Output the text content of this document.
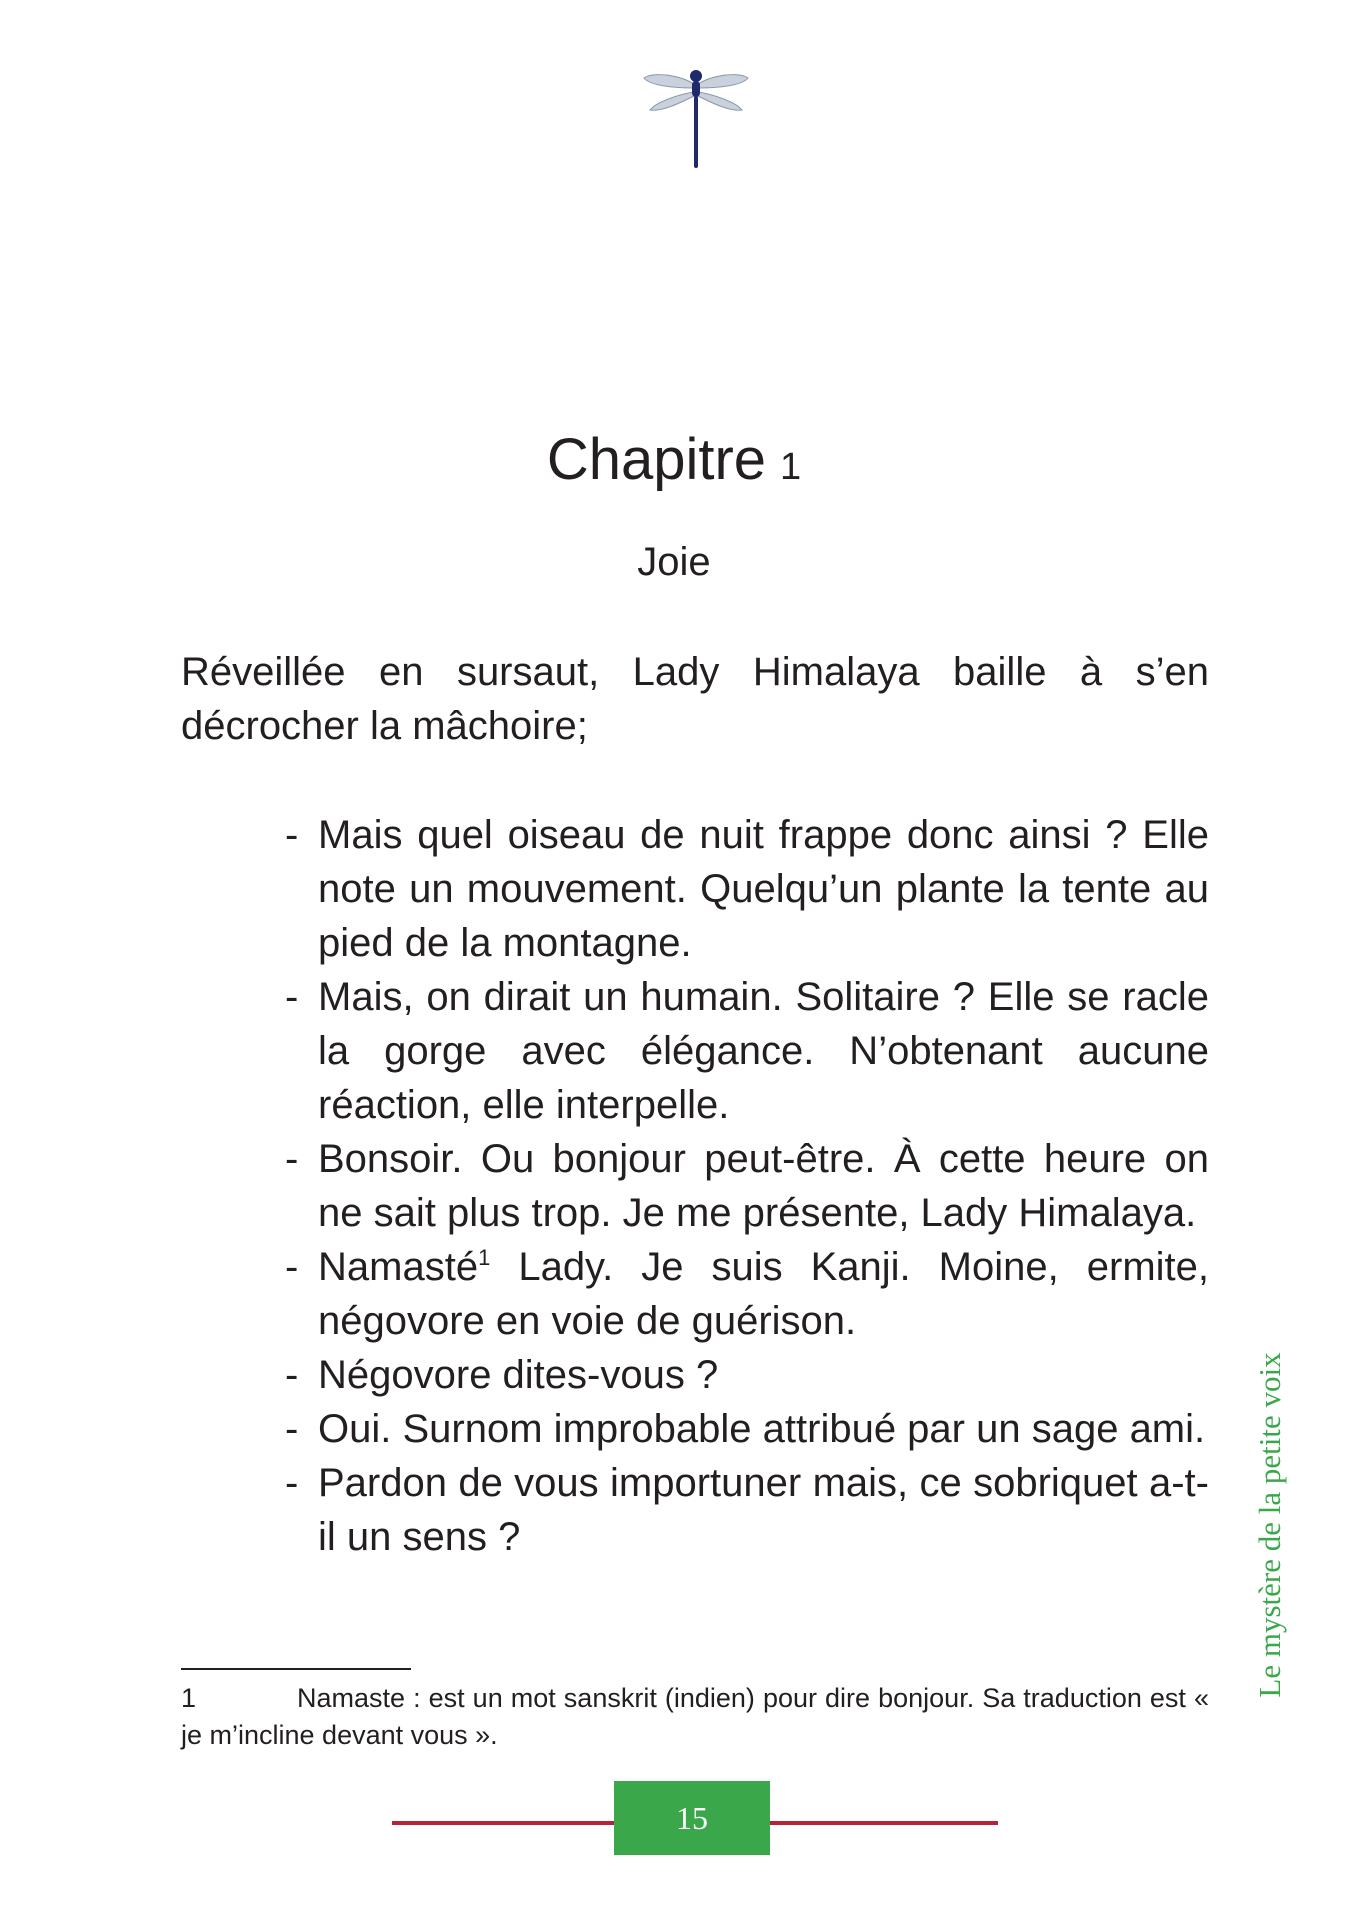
Chapitre 1
Joie

Réveillée en sursaut, Lady Himalaya baille à s’en décrocher la mâchoire;

- Mais quel oiseau de nuit frappe donc ainsi ? Elle note un mouvement. Quelqu’un plante la tente au pied de la montagne.
- Mais, on dirait un humain. Solitaire ? Elle se racle la gorge avec élégance. N’obtenant aucune réaction, elle interpelle.
- Bonsoir. Ou bonjour peut-être. À cette heure on ne sait plus trop. Je me présente, Lady Himalaya.
- Namasté$^1$ Lady. Je suis Kanji. Moine, ermite, négovore en voie de guérison.
- Négovore dites-vous ?
- Oui. Surnom improbable attribué par un sage ami.
- Pardon de vous importuner mais, ce sobriquet a-t-il un sens ?

1	Namaste : est un mot sanskrit (indien) pour dire bonjour. Sa traduction est « je m’incline devant vous ».

Le mystère de la petite voix
15
